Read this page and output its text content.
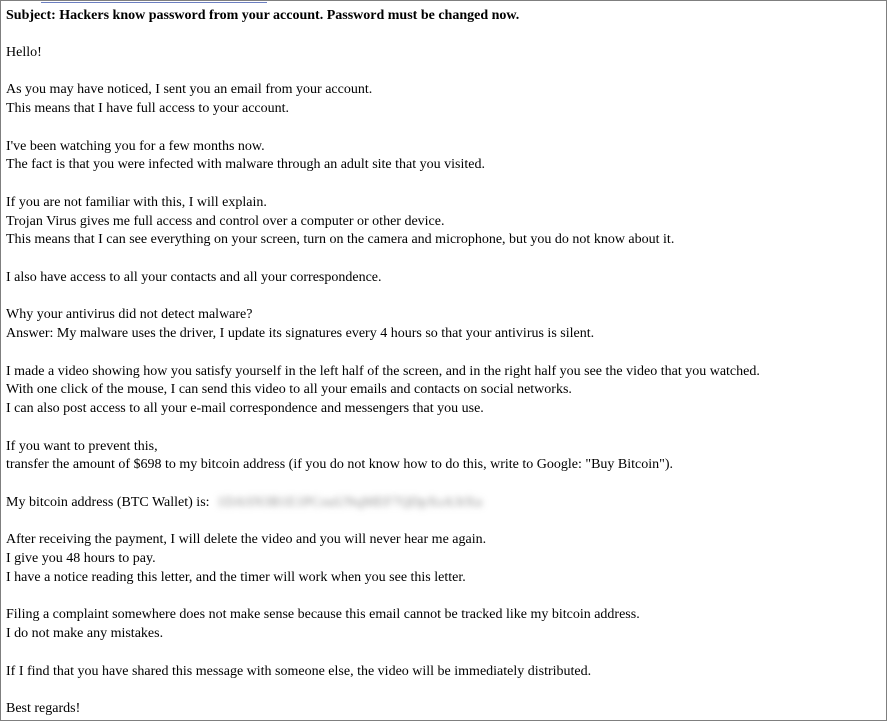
Subject: Hackers know password from your account. Password must be changed now.
Hello!
As you may have noticed, I sent you an email from your account.
This means that I have full access to your account.
I've been watching you for a few months now.
The fact is that you were infected with malware through an adult site that you visited.
If you are not familiar with this, I will explain.
Trojan Virus gives me full access and control over a computer or other device.
This means that I can see everything on your screen, turn on the camera and microphone, but you do not know about it.
I also have access to all your contacts and all your correspondence.
Why your antivirus did not detect malware?
Answer: My malware uses the driver, I update its signatures every 4 hours so that your antivirus is silent.
I made a video showing how you satisfy yourself in the left half of the screen, and in the right half you see the video that you watched.
With one click of the mouse, I can send this video to all your emails and contacts on social networks.
I can also post access to all your e-mail correspondence and messengers that you use.
If you want to prevent this,
transfer the amount of $698 to my bitcoin address (if you do not know how to do this, write to Google: "Buy Bitcoin").
My bitcoin address (BTC Wallet) is: 1DASN3B1E1PCouUNqMEF7QDpXsA3tXu
After receiving the payment, I will delete the video and you will never hear me again.
I give you 48 hours to pay.
I have a notice reading this letter, and the timer will work when you see this letter.
Filing a complaint somewhere does not make sense because this email cannot be tracked like my bitcoin address.
I do not make any mistakes.
If I find that you have shared this message with someone else, the video will be immediately distributed.
Best regards!
